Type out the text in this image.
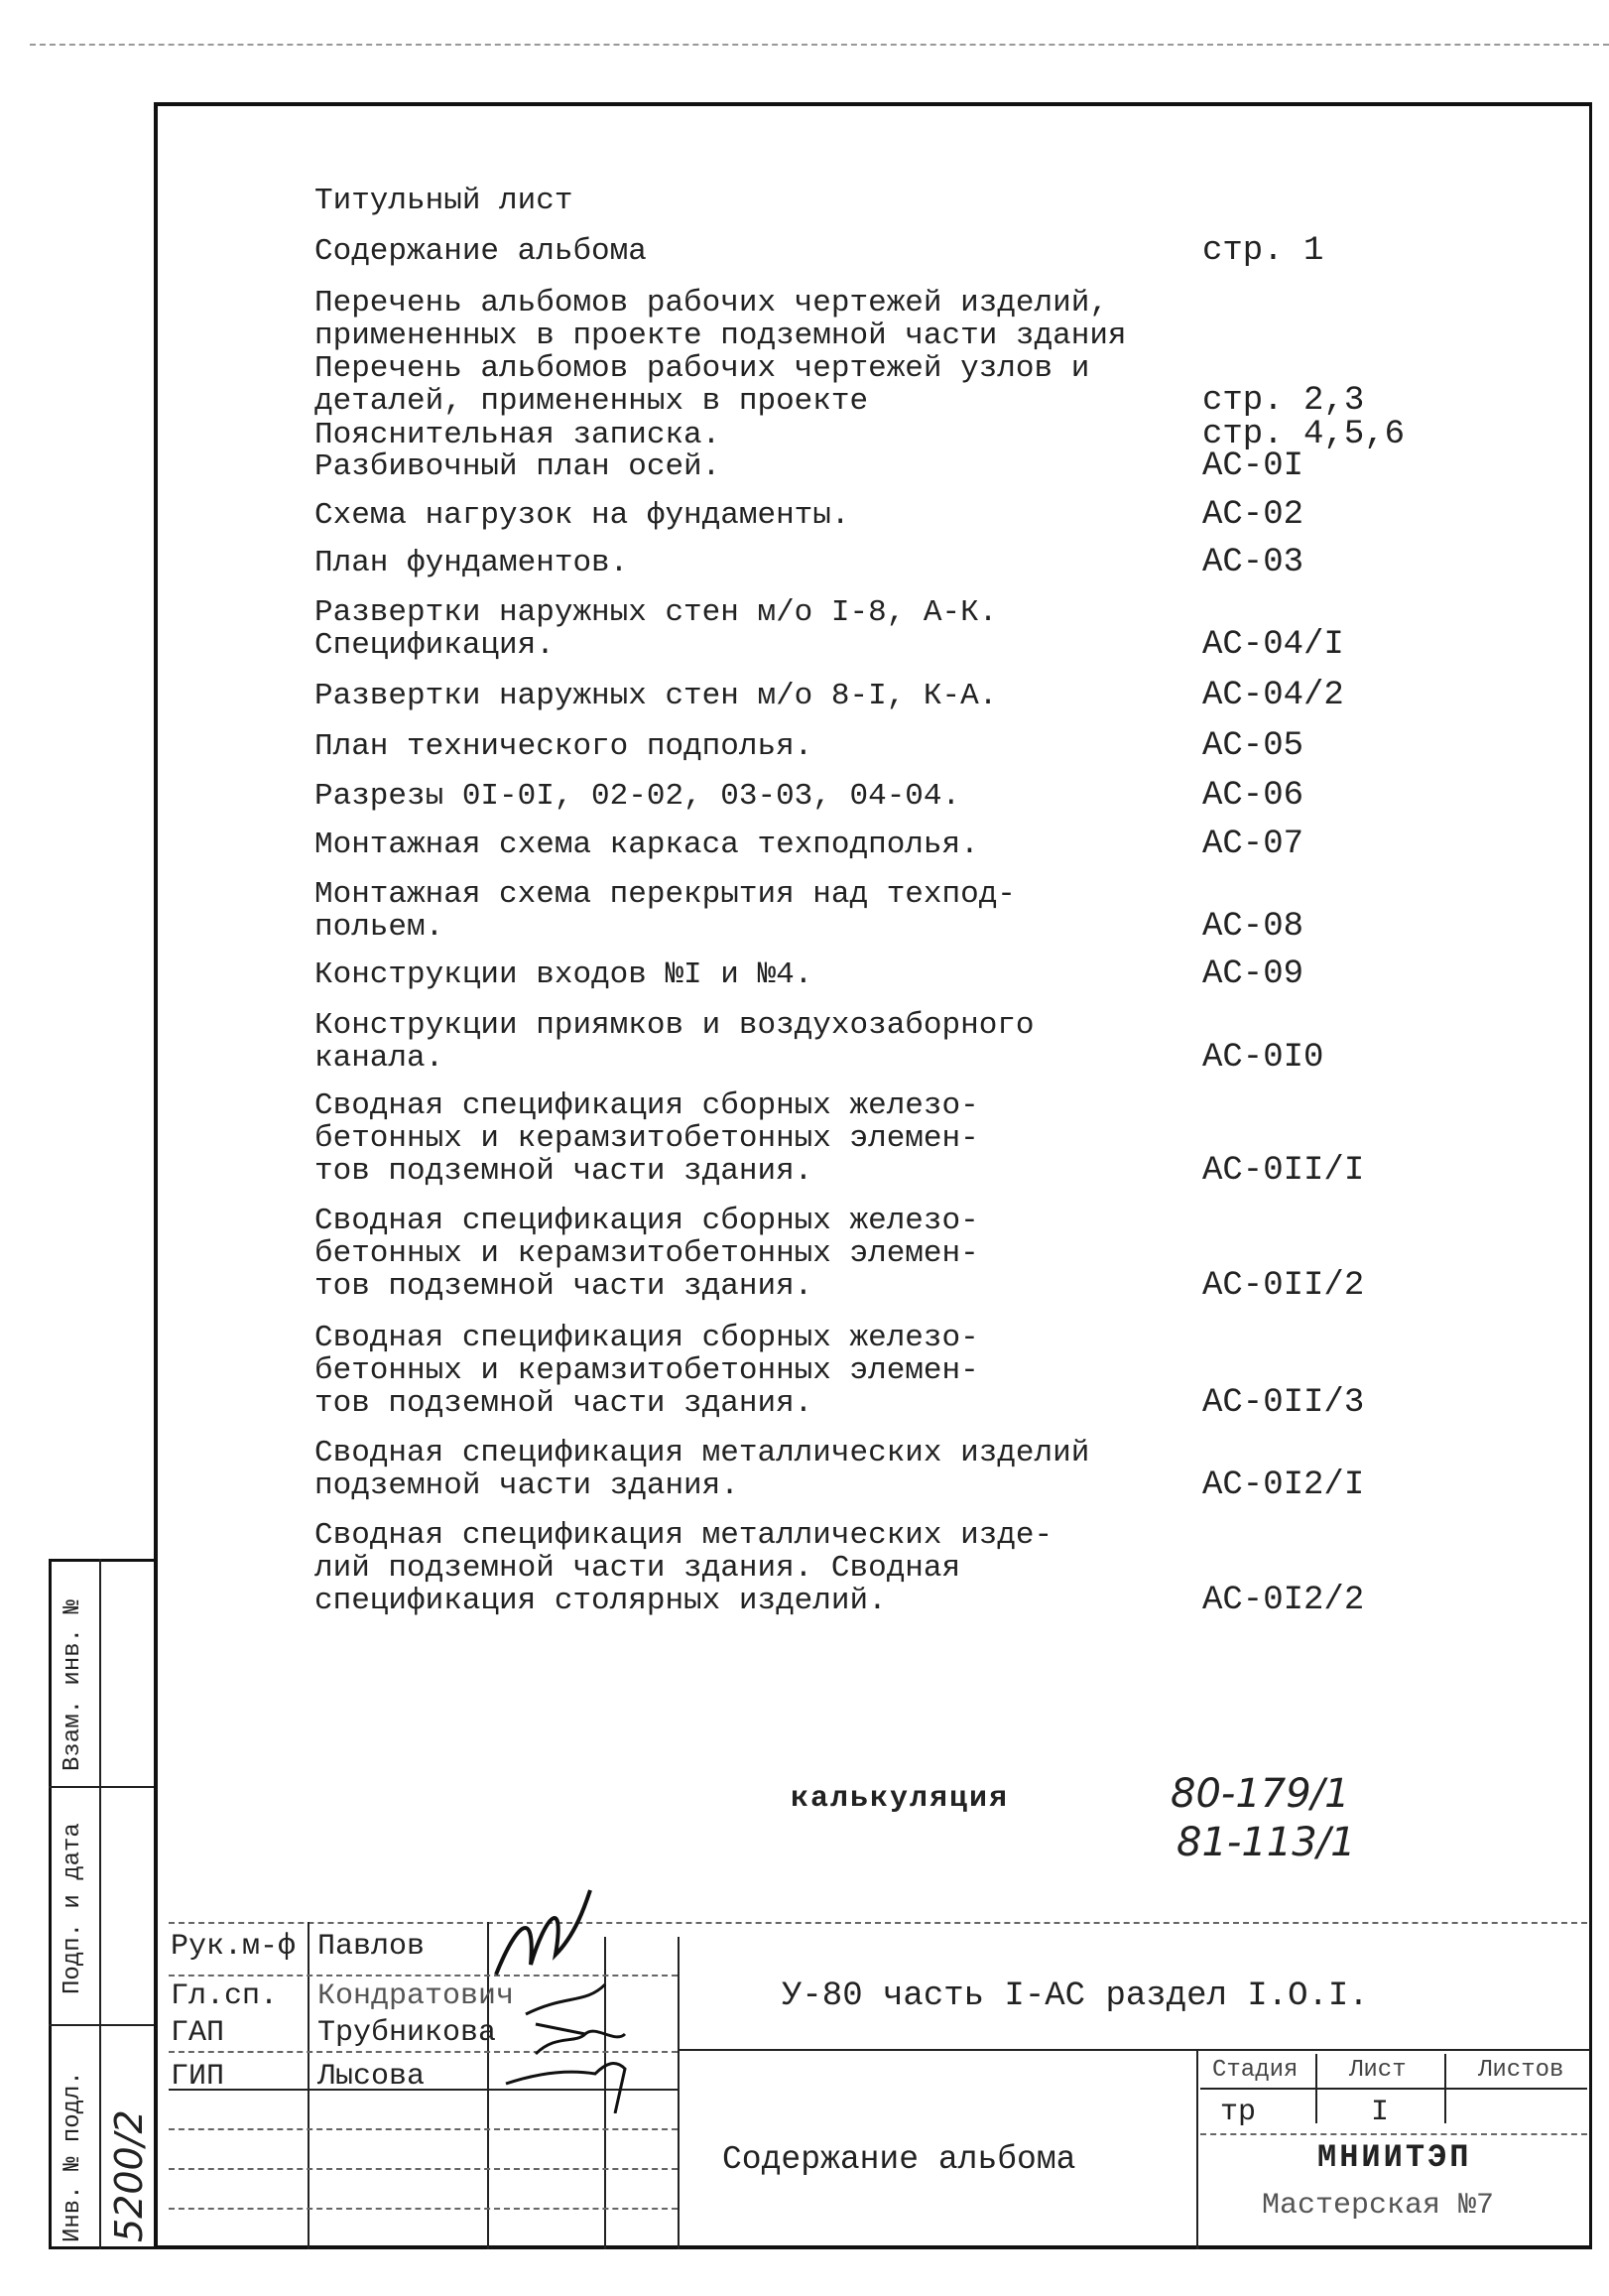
Титульный лист
Содержание альбома	стр. 1
Перечень альбомов рабочих чертежей изделий,
примененных в проекте подземной части здания
Перечень альбомов рабочих чертежей узлов и
деталей, примененных в проекте	стр. 2,3
Пояснительная записка.	стр. 4,5,6
Разбивочный план осей.	АС-0I
Схема нагрузок на фундаменты.	АС-02
План фундаментов.	АС-03
Развертки наружных стен м/о I-8, А-К.
Спецификация.	АС-04/I
Развертки наружных стен м/о 8-I, К-А.	АС-04/2
План технического подполья.	АС-05
Разрезы 0I-0I, 02-02, 03-03, 04-04.	АС-06
Монтажная схема каркаса техподполья.	АС-07
Монтажная схема перекрытия над техпод-
польем.	АС-08
Конструкции входов №I и №4.	АС-09
Конструкции приямков и воздухозаборного
канала.	АС-0I0
Сводная спецификация сборных железо-
бетонных и керамзитобетонных элемен-
тов подземной части здания.	АС-0II/I
Сводная спецификация сборных железо-
бетонных и керамзитобетонных элемен-
тов подземной части здания.	АС-0II/2
Сводная спецификация сборных железо-
бетонных и керамзитобетонных элемен-
тов подземной части здания.	АС-0II/3
Сводная спецификация металлических изделий
подземной части здания.	АС-0I2/I
Сводная спецификация металлических изде-
лий подземной части здания. Сводная
спецификация столярных изделий.	АС-0I2/2
калькуляция	80-179/1
81-113/1
Рук.м-ф Павлов
Гл.сп. Кондратович
ГАП	Трубникова
ГИП	Лысова
У-80 часть I-АС раздел I.О.I.
Содержание альбома
Стадия Лист	Листов
тр	I
МНИИТЭП
Мастерская №7
Взам. инв. №
Подп. и дата
Инв. № подл. 5200/2
